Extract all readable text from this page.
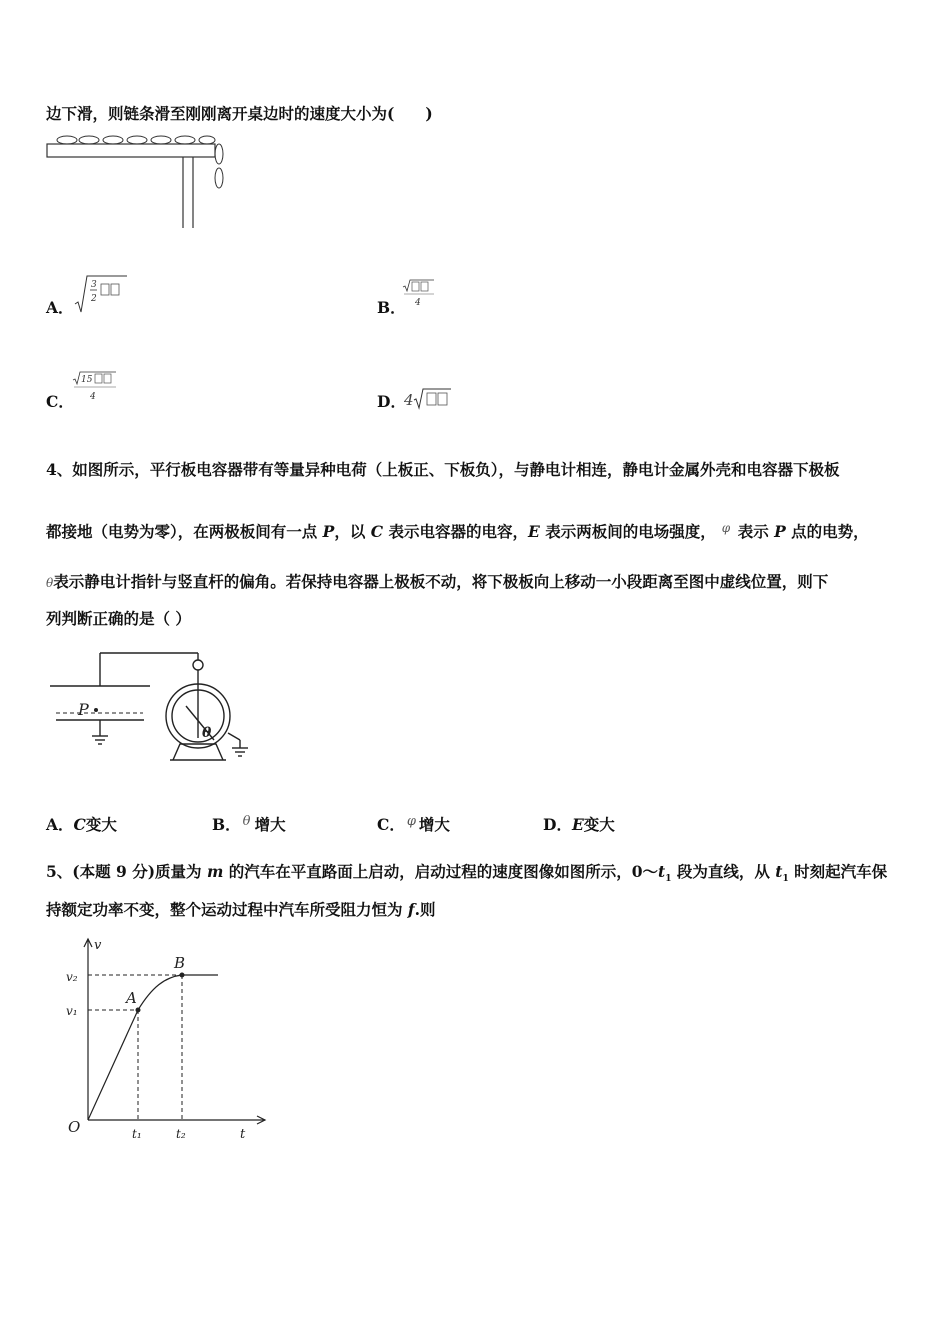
边下滑，则链条滑至刚刚离开桌边时的速度大小为(　　)
A．
3
2	B． 4
C．
15
4	D．
4
4、如图所示，平行板电容器带有等量异种电荷（上板正、下板负），与静电计相连，静电计金属外壳和电容器下极板
都接地（电势为零），在两极板间有一点 P，以 C 表示电容器的电容，E 表示两板间的电场强度， φ 表示 P 点的电势，
θ表示静电计指针与竖直杆的偏角。若保持电容器上极板不动，将下极板向上移动一小段距离至图中虚线位置，则下
列判断正确的是（ ）
P
θ
A．C变大	B． θ 增大	C． φ 增大	D．E变大
5、(本题 9 分)质量为 m 的汽车在平直路面上启动，启动过程的速度图像如图所示，$0\sim t_1$ 段为直线，从 $t_1$ 时刻起汽车保
持额定功率不变，整个运动过程中汽车所受阻力恒为 f.则
v
t
O
v₂
v₁
t₁	t₂
A
B
